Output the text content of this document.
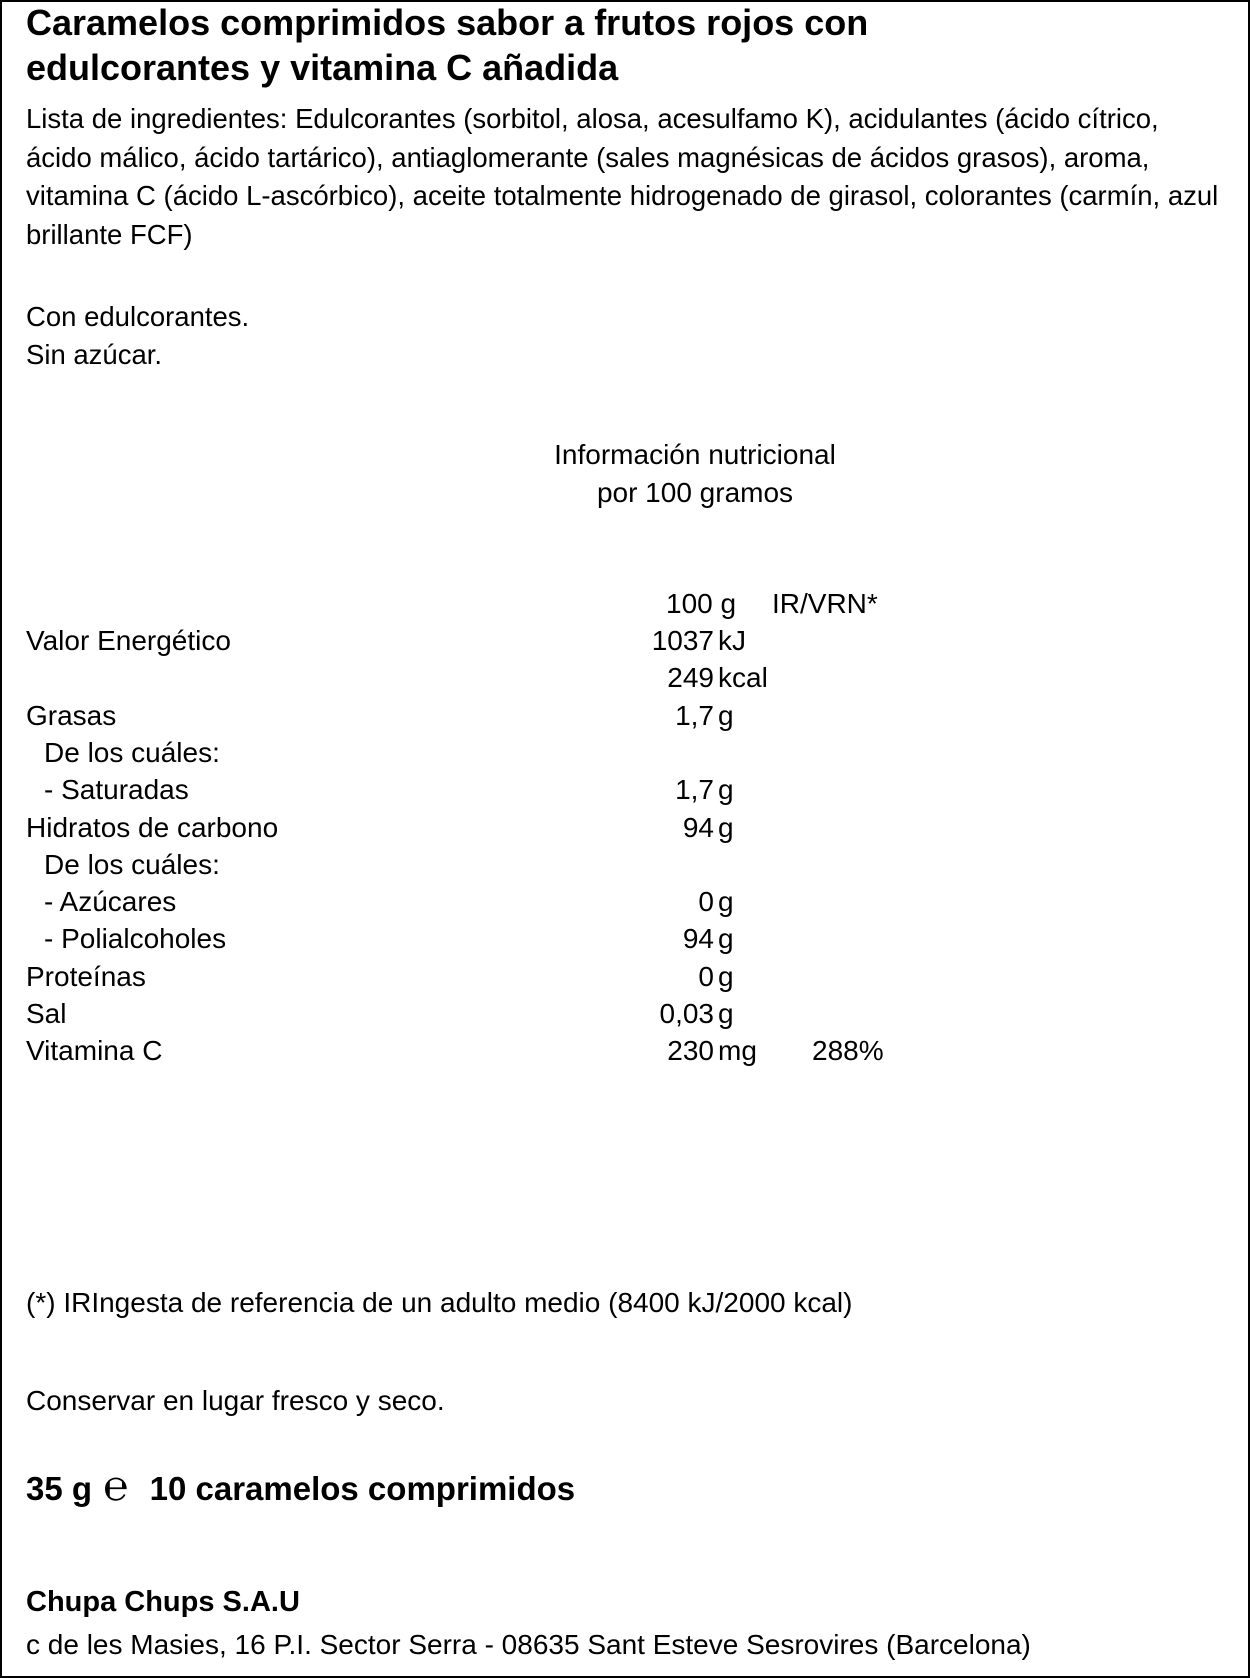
Caramelos comprimidos sabor a frutos rojos con
edulcorantes y vitamina C añadida
Lista de ingredientes: Edulcorantes (sorbitol, alosa, acesulfamo K), acidulantes (ácido cítrico, ácido málico, ácido tartárico), antiaglomerante (sales magnésicas de ácidos grasos), aroma, vitamina C (ácido L-ascórbico), aceite totalmente hidrogenado de girasol, colorantes (carmín, azul brillante FCF)
Con edulcorantes.
Sin azúcar.
Información nutricional
por 100 gramos
100 g IR/VRN*
Valor Energético	1037 kJ
249 kcal
Grasas	1,7 g
De los cuáles:
- Saturadas	1,7 g
Hidratos de carbono	94 g
De los cuáles:
- Azúcares	0 g
- Polialcoholes	94 g
Proteínas	0 g
Sal	0,03 g
Vitamina C	230 mg 288%
(*) IRIngesta de referencia de un adulto medio (8400 kJ/2000 kcal)
Conservar en lugar fresco y seco.
35 g ℮ 10 caramelos comprimidos
Chupa Chups S.A.U
c de les Masies, 16 P.I. Sector Serra - 08635 Sant Esteve Sesrovires (Barcelona)
